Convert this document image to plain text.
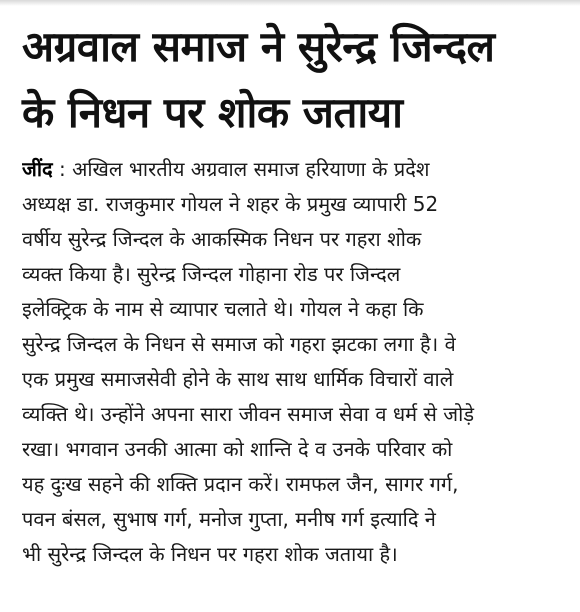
अग्रवाल समाज ने सुरेन्द्र जिन्दल
के निधन पर शोक जताया
जींद : अखिल भारतीय अग्रवाल समाज हरियाणा के प्रदेश
अध्यक्ष डा. राजकुमार गोयल ने शहर के प्रमुख व्यापारी 52
वर्षीय सुरेन्द्र जिन्दल के आकस्मिक निधन पर गहरा शोक
व्यक्त किया है। सुरेन्द्र जिन्दल गोहाना रोड पर जिन्दल
इलेक्ट्रिक के नाम से व्यापार चलाते थे। गोयल ने कहा कि
सुरेन्द्र जिन्दल के निधन से समाज को गहरा झटका लगा है। वे
एक प्रमुख समाजसेवी होने के साथ साथ धार्मिक विचारों वाले
व्यक्ति थे। उन्होंने अपना सारा जीवन समाज सेवा व धर्म से जोड़े
रखा। भगवान उनकी आत्मा को शान्ति दे व उनके परिवार को
यह दुःख सहने की शक्ति प्रदान करें। रामफल जैन, सागर गर्ग,
पवन बंसल, सुभाष गर्ग, मनोज गुप्ता, मनीष गर्ग इत्यादि ने
भी सुरेन्द्र जिन्दल के निधन पर गहरा शोक जताया है।
